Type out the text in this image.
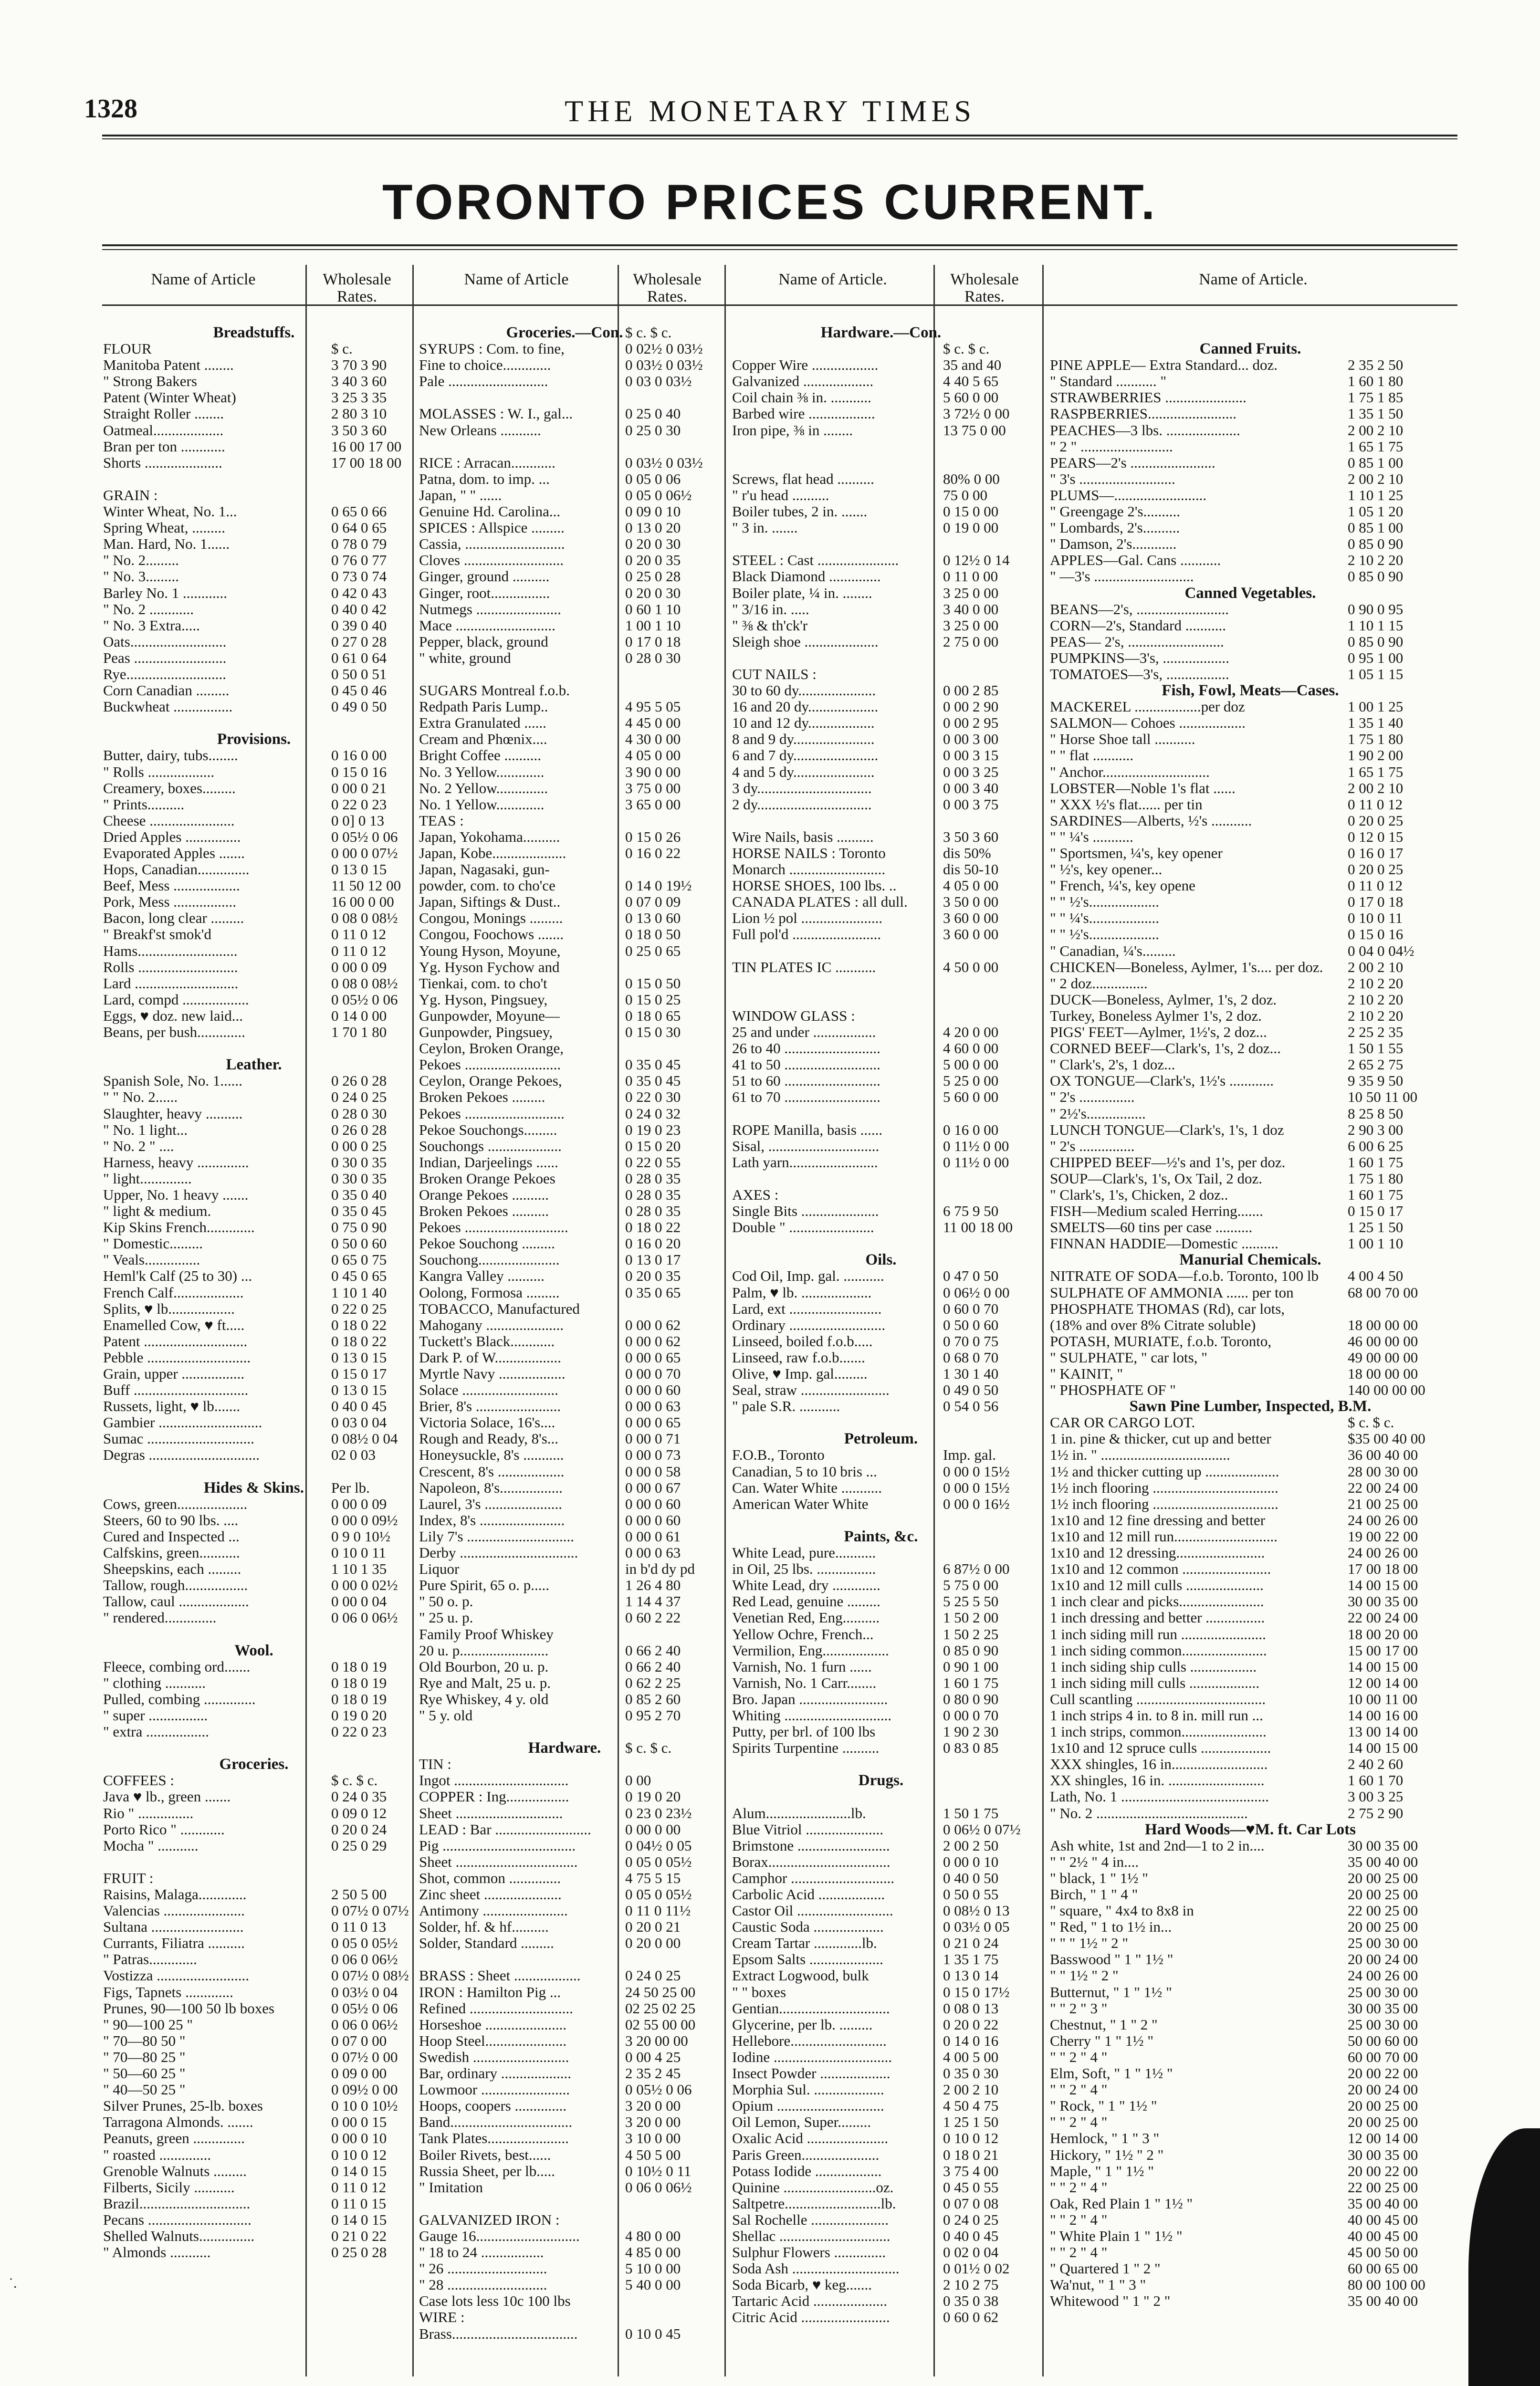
1328	THE MONETARY TIMES
TORONTO PRICES CURRENT.
Name of Article	Wholesale Rates.
Name of Article	Wholesale Rates.
Name of Article.	Wholesale Rates.
Name of Article.
Breadstuffs.
FLOUR	$ c.
Manitoba Patent ........	3 70 3 90
" Strong Bakers	3 40 3 60
Patent (Winter Wheat)	3 25 3 35
Straight Roller ........	2 80 3 10
Oatmeal...................	3 50 3 60
Bran per ton ............	16 00 17 00
Shorts .....................	17 00 18 00
GRAIN :
Winter Wheat, No. 1...	0 65 0 66
Spring Wheat, .........	0 64 0 65
Man. Hard, No. 1......	0 78 0 79
" No. 2.........	0 76 0 77
" No. 3.........	0 73 0 74
Barley No. 1 ............	0 42 0 43
" No. 2 ............	0 40 0 42
" No. 3 Extra.....	0 39 0 40
Oats..........................	0 27 0 28
Peas .........................	0 61 0 64
Rye...........................	0 50 0 51
Corn Canadian .........	0 45 0 46
Buckwheat ................	0 49 0 50
Provisions.
Butter, dairy, tubs........	0 16 0 00
" Rolls ..................	0 15 0 16
Creamery, boxes.........	0 00 0 21
" Prints..........	0 22 0 23
Cheese .......................	0 0] 0 13
Dried Apples ...............	0 05½ 0 06
Evaporated Apples .......	0 00 0 07½
Hops, Canadian..............	0 13 0 15
Beef, Mess ..................	11 50 12 00
Pork, Mess .................	16 00 0 00
Bacon, long clear .........	0 08 0 08½
" Breakf'st smok'd	0 11 0 12
Hams...........................	0 11 0 12
Rolls ...........................	0 00 0 09
Lard ............................	0 08 0 08½
Lard, compd ..................	0 05½ 0 06
Eggs, ♥ doz. new laid...	0 14 0 00
Beans, per bush.............	1 70 1 80
Leather.
Spanish Sole, No. 1......	0 26 0 28
" " No. 2......	0 24 0 25
Slaughter, heavy ..........	0 28 0 30
" No. 1 light...	0 26 0 28
" No. 2 " ....	0 00 0 25
Harness, heavy ..............	0 30 0 35
" light..............	0 30 0 35
Upper, No. 1 heavy .......	0 35 0 40
" light & medium.	0 35 0 45
Kip Skins French.............	0 75 0 90
" Domestic.........	0 50 0 60
" Veals...............	0 65 0 75
Heml'k Calf (25 to 30) ...	0 45 0 65
French Calf...................	1 10 1 40
Splits, ♥ lb..................	0 22 0 25
Enamelled Cow, ♥ ft.....	0 18 0 22
Patent ............................	0 18 0 22
Pebble ............................	0 13 0 15
Grain, upper .................	0 15 0 17
Buff ...............................	0 13 0 15
Russets, light, ♥ lb.......	0 40 0 45
Gambier ............................	0 03 0 04
Sumac .............................	0 08½ 0 04
Degras ..............................	02 0 03
Hides & Skins.	Per lb.
Cows, green...................	0 00 0 09
Steers, 60 to 90 lbs. ....	0 00 0 09½
Cured and Inspected ...	0 9 0 10½
Calfskins, green...........	0 10 0 11
Sheepskins, each .........	1 10 1 35
Tallow, rough.................	0 00 0 02½
Tallow, caul ...................	0 00 0 04
" rendered..............	0 06 0 06½
Wool.
Fleece, combing ord.......	0 18 0 19
" clothing ...........	0 18 0 19
Pulled, combing ..............	0 18 0 19
" super ................	0 19 0 20
" extra .................	0 22 0 23
Groceries.
COFFEES :	$ c. $ c.
Java ♥ lb., green .......	0 24 0 35
Rio " ...............	0 09 0 12
Porto Rico " ............	0 20 0 24
Mocha " ...........	0 25 0 29
FRUIT :
Raisins, Malaga.............	2 50 5 00
Valencias ......................	0 07½ 0 07½
Sultana .........................	0 11 0 13
Currants, Filiatra ..........	0 05 0 05½
" Patras.............	0 06 0 06½
Vostizza .........................	0 07½ 0 08½
Figs, Tapnets .............	0 03½ 0 04
Prunes, 90—100 50 lb boxes	0 05½ 0 06
" 90—100 25 "	0 06 0 06½
" 70—80 50 "	0 07 0 00
" 70—80 25 "	0 07½ 0 00
" 50—60 25 "	0 09 0 00
" 40—50 25 "	0 09½ 0 00
Silver Prunes, 25-lb. boxes	0 10 0 10½
Tarragona Almonds. .......	0 00 0 15
Peanuts, green ..............	0 00 0 10
" roasted ..............	0 10 0 12
Grenoble Walnuts .........	0 14 0 15
Filberts, Sicily ...........	0 11 0 12
Brazil..............................	0 11 0 15
Pecans ............................	0 14 0 15
Shelled Walnuts...............	0 21 0 22
" Almonds ...........	0 25 0 28
Groceries.—Con. $ c. $ c.
SYRUPS : Com. to fine,	0 02½ 0 03½
Fine to choice.............	0 03½ 0 03½
Pale ...........................	0 03 0 03½
MOLASSES : W. I., gal...	0 25 0 40
New Orleans ...........	0 25 0 30
RICE : Arracan............	0 03½ 0 03½
Patna, dom. to imp. ...	0 05 0 06
Japan, " " ......	0 05 0 06½
Genuine Hd. Carolina...	0 09 0 10
SPICES : Allspice .........	0 13 0 20
Cassia, ...........................	0 20 0 30
Cloves ...........................	0 20 0 35
Ginger, ground ..........	0 25 0 28
Ginger, root................	0 20 0 30
Nutmegs .......................	0 60 1 10
Mace ...........................	1 00 1 10
Pepper, black, ground	0 17 0 18
" white, ground	0 28 0 30
SUGARS Montreal f.o.b.
Redpath Paris Lump..	4 95 5 05
Extra Granulated ......	4 45 0 00
Cream and Phœnix....	4 30 0 00
Bright Coffee ..........	4 05 0 00
No. 3 Yellow.............	3 90 0 00
No. 2 Yellow..............	3 75 0 00
No. 1 Yellow.............	3 65 0 00
TEAS :
Japan, Yokohama..........	0 15 0 26
Japan, Kobe....................	0 16 0 22
Japan, Nagasaki, gun-
powder, com. to cho'ce	0 14 0 19½
Japan, Siftings & Dust..	0 07 0 09
Congou, Monings .........	0 13 0 60
Congou, Foochows .......	0 18 0 50
Young Hyson, Moyune,	0 25 0 65
Yg. Hyson Fychow and
Tienkai, com. to cho't	0 15 0 50
Yg. Hyson, Pingsuey,	0 15 0 25
Gunpowder, Moyune—	0 18 0 65
Gunpowder, Pingsuey,	0 15 0 30
Ceylon, Broken Orange,
Pekoes ..........................	0 35 0 45
Ceylon, Orange Pekoes,	0 35 0 45
Broken Pekoes .........	0 22 0 30
Pekoes ...........................	0 24 0 32
Pekoe Souchongs.........	0 19 0 23
Souchongs ....................	0 15 0 20
Indian, Darjeelings ......	0 22 0 55
Broken Orange Pekoes	0 28 0 35
Orange Pekoes ..........	0 28 0 35
Broken Pekoes ..........	0 28 0 35
Pekoes ............................	0 18 0 22
Pekoe Souchong .........	0 16 0 20
Souchong......................	0 13 0 17
Kangra Valley ..........	0 20 0 35
Oolong, Formosa .........	0 35 0 65
TOBACCO, Manufactured
Mahogany .....................	0 00 0 62
Tuckett's Black............	0 00 0 62
Dark P. of W..................	0 00 0 65
Myrtle Navy ..................	0 00 0 70
Solace ..........................	0 00 0 60
Brier, 8's .......................	0 00 0 63
Victoria Solace, 16's....	0 00 0 65
Rough and Ready, 8's...	0 00 0 71
Honeysuckle, 8's ...........	0 00 0 73
Crescent, 8's ..................	0 00 0 58
Napoleon, 8's.................	0 00 0 67
Laurel, 3's .....................	0 00 0 60
Index, 8's .......................	0 00 0 60
Lily 7's .............................	0 00 0 61
Derby ................................	0 00 0 63
Liquor	in b'd dy pd
Pure Spirit, 65 o. p.....	1 26 4 80
" 50 o. p.	1 14 4 37
" 25 u. p.	0 60 2 22
Family Proof Whiskey
20 u. p........................	0 66 2 40
Old Bourbon, 20 u. p.	0 66 2 40
Rye and Malt, 25 u. p.	0 62 2 25
Rye Whiskey, 4 y. old	0 85 2 60
" 5 y. old	0 95 2 70
Hardware.	$ c. $ c.
TIN :
Ingot ...............................	0 00
COPPER : Ing.................	0 19 0 20
Sheet .............................	0 23 0 23½
LEAD : Bar ..........................	0 00 0 00
Pig ....................................	0 04½ 0 05
Sheet .................................	0 05 0 05½
Shot, common ..............	4 75 5 15
Zinc sheet .....................	0 05 0 05½
Antimony .......................	0 11 0 11½
Solder, hf. & hf..........	0 20 0 21
Solder, Standard .........	0 20 0 00
BRASS : Sheet ..................	0 24 0 25
IRON : Hamilton Pig ...	24 50 25 00
Refined ............................	02 25 02 25
Horseshoe ......................	02 55 00 00
Hoop Steel......................	3 20 00 00
Swedish ..........................	0 00 4 25
Bar, ordinary ...................	2 35 2 45
Lowmoor ........................	0 05½ 0 06
Hoops, coopers ..............	3 20 0 00
Band.................................	3 20 0 00
Tank Plates......................	3 10 0 00
Boiler Rivets, best......	4 50 5 00
Russia Sheet, per lb.....	0 10½ 0 11
" Imitation	0 06 0 06½
GALVANIZED IRON :
Gauge 16............................	4 80 0 00
" 18 to 24 .................	4 85 0 00
" 26 ...........................	5 10 0 00
" 28 ...........................	5 40 0 00
Case lots less 10c 100 lbs
WIRE :
Brass..................................	0 10 0 45
Hardware.—Con.
$ c. $ c.
Copper Wire ..................	35 and 40
Galvanized ...................	4 40 5 65
Coil chain ⅜ in. ...........	5 60 0 00
Barbed wire ..................	3 72½ 0 00
Iron pipe, ⅜ in ........	13 75 0 00
Screws, flat head ..........	80% 0 00
" r'u head ..........	75 0 00
Boiler tubes, 2 in. .......	0 15 0 00
" 3 in. .......	0 19 0 00
STEEL : Cast ......................	0 12½ 0 14
Black Diamond ..............	0 11 0 00
Boiler plate, ¼ in. ........	3 25 0 00
" 3/16 in. .....	3 40 0 00
" ⅜ & th'ck'r	3 25 0 00
Sleigh shoe ....................	2 75 0 00
CUT NAILS :
30 to 60 dy.....................	0 00 2 85
16 and 20 dy...................	0 00 2 90
10 and 12 dy..................	0 00 2 95
8 and 9 dy......................	0 00 3 00
6 and 7 dy.......................	0 00 3 15
4 and 5 dy......................	0 00 3 25
3 dy...............................	0 00 3 40
2 dy...............................	0 00 3 75
Wire Nails, basis ..........	3 50 3 60
HORSE NAILS : Toronto	dis 50%
Monarch ..........................	dis 50-10
HORSE SHOES, 100 lbs. ..	4 05 0 00
CANADA PLATES : all dull.	3 50 0 00
Lion ½ pol ......................	3 60 0 00
Full pol'd ........................	3 60 0 00
TIN PLATES IC ...........	4 50 0 00
WINDOW GLASS :
25 and under .................	4 20 0 00
26 to 40 ..........................	4 60 0 00
41 to 50 ..........................	5 00 0 00
51 to 60 ..........................	5 25 0 00
61 to 70 ..........................	5 60 0 00
ROPE Manilla, basis ......	0 16 0 00
Sisal, ..............................	0 11½ 0 00
Lath yarn........................	0 11½ 0 00
AXES :
Single Bits .....................	6 75 9 50
Double " .......................	11 00 18 00
Oils.
Cod Oil, Imp. gal. ...........	0 47 0 50
Palm, ♥ lb. ...................	0 06½ 0 00
Lard, ext .........................	0 60 0 70
Ordinary ..........................	0 50 0 60
Linseed, boiled f.o.b.....	0 70 0 75
Linseed, raw f.o.b.......	0 68 0 70
Olive, ♥ Imp. gal.........	1 30 1 40
Seal, straw ........................	0 49 0 50
" pale S.R. ...........	0 54 0 56
Petroleum.
F.O.B., Toronto	Imp. gal.
Canadian, 5 to 10 bris ...	0 00 0 15½
Can. Water White ...........	0 00 0 15½
American Water White	0 00 0 16½
Paints, &c.
White Lead, pure...........
in Oil, 25 lbs. ................	6 87½ 0 00
White Lead, dry .............	5 75 0 00
Red Lead, genuine .........	5 25 5 50
Venetian Red, Eng..........	1 50 2 00
Yellow Ochre, French...	1 50 2 25
Vermilion, Eng..................	0 85 0 90
Varnish, No. 1 furn ......	0 90 1 00
Varnish, No. 1 Carr........	1 60 1 75
Bro. Japan ........................	0 80 0 90
Whiting .............................	0 00 0 70
Putty, per brl. of 100 lbs	1 90 2 30
Spirits Turpentine ..........	0 83 0 85
Drugs.
Alum.......................lb.	1 50 1 75
Blue Vitriol .....................	0 06½ 0 07½
Brimstone .........................	2 00 2 50
Borax.................................	0 00 0 10
Camphor ............................	0 40 0 50
Carbolic Acid ..................	0 50 0 55
Castor Oil ..........................	0 08½ 0 13
Caustic Soda ...................	0 03½ 0 05
Cream Tartar .............lb.	0 21 0 24
Epsom Salts ....................	1 35 1 75
Extract Logwood, bulk	0 13 0 14
" " boxes	0 15 0 17½
Gentian..............................	0 08 0 13
Glycerine, per lb. .........	0 20 0 22
Hellebore..........................	0 14 0 16
Iodine ................................	4 00 5 00
Insect Powder ...................	0 35 0 30
Morphia Sul. ...................	2 00 2 10
Opium .............................	4 50 4 75
Oil Lemon, Super.........	1 25 1 50
Oxalic Acid ......................	0 10 0 12
Paris Green.....................	0 18 0 21
Potass Iodide ..................	3 75 4 00
Quinine .........................oz.	0 45 0 55
Saltpetre..........................lb.	0 07 0 08
Sal Rochelle .....................	0 24 0 25
Shellac ..............................	0 40 0 45
Sulphur Flowers ..............	0 02 0 04
Soda Ash .............................	0 01½ 0 02
Soda Bicarb, ♥ keg.......	2 10 2 75
Tartaric Acid ....................	0 35 0 38
Citric Acid ........................	0 60 0 62
Canned Fruits.
PINE APPLE— Extra Standard... doz.	2 35 2 50
" Standard ........... "	1 60 1 80
STRAWBERRIES ......................	1 75 1 85
RASPBERRIES........................	1 35 1 50
PEACHES—3 lbs. ....................	2 00 2 10
" 2 " .........................	1 65 1 75
PEARS—2's .......................	0 85 1 00
" 3's ..........................	2 00 2 10
PLUMS—.........................	1 10 1 25
" Greengage 2's..........	1 05 1 20
" Lombards, 2's..........	0 85 1 00
" Damson, 2's............	0 85 0 90
APPLES—Gal. Cans ...........	2 10 2 20
" —3's ...........................	0 85 0 90
Canned Vegetables.
BEANS—2's, .........................	0 90 0 95
CORN—2's, Standard ...........	1 10 1 15
PEAS— 2's, ..........................	0 85 0 90
PUMPKINS—3's, ..................	0 95 1 00
TOMATOES—3's, .................	1 05 1 15
Fish, Fowl, Meats—Cases.
MACKEREL ..................per doz	1 00 1 25
SALMON— Cohoes ..................	1 35 1 40
" Horse Shoe tall ...........	1 75 1 80
" " flat ...........	1 90 2 00
" Anchor.............................	1 65 1 75
LOBSTER—Noble 1's flat ......	2 00 2 10
" XXX ½'s flat...... per tin	0 11 0 12
SARDINES—Alberts, ½'s ...........	0 20 0 25
" " ¼'s ...........	0 12 0 15
" Sportsmen, ¼'s, key opener	0 16 0 17
" ½'s, key opener...	0 20 0 25
" French, ¼'s, key opene	0 11 0 12
" " ½'s...................	0 17 0 18
" " ¼'s...................	0 10 0 11
" " ½'s...................	0 15 0 16
" Canadian, ¼'s.........	0 04 0 04½
CHICKEN—Boneless, Aylmer, 1's.... per doz.	2 00 2 10
" 2 doz...............	2 10 2 20
DUCK—Boneless, Aylmer, 1's, 2 doz.	2 10 2 20
Turkey, Boneless Aylmer 1's, 2 doz.	2 10 2 20
PIGS' FEET—Aylmer, 1½'s, 2 doz...	2 25 2 35
CORNED BEEF—Clark's, 1's, 2 doz...	1 50 1 55
" Clark's, 2's, 1 doz...	2 65 2 75
OX TONGUE—Clark's, 1½'s ............	9 35 9 50
" 2's ...............	10 50 11 00
" 2½'s................	8 25 8 50
LUNCH TONGUE—Clark's, 1's, 1 doz	2 90 3 00
" 2's ...............	6 00 6 25
CHIPPED BEEF—½'s and 1's, per doz.	1 60 1 75
SOUP—Clark's, 1's, Ox Tail, 2 doz.	1 75 1 80
" Clark's, 1's, Chicken, 2 doz..	1 60 1 75
FISH—Medium scaled Herring.......	0 15 0 17
SMELTS—60 tins per case ..........	1 25 1 50
FINNAN HADDIE—Domestic ..........	1 00 1 10
Manurial Chemicals.
NITRATE OF SODA—f.o.b. Toronto, 100 lb	4 00 4 50
SULPHATE OF AMMONIA ...... per ton	68 00 70 00
PHOSPHATE THOMAS (Rd), car lots,
(18% and over 8% Citrate soluble)	18 00 00 00
POTASH, MURIATE, f.o.b. Toronto,	46 00 00 00
" SULPHATE, " car lots, "	49 00 00 00
" KAINIT, "	18 00 00 00
" PHOSPHATE OF "	140 00 00 00
Sawn Pine Lumber, Inspected, B.M.
CAR OR CARGO LOT.	$ c. $ c.
1 in. pine & thicker, cut up and better	$35 00 40 00
1½ in. " ...................................	36 00 40 00
1½ and thicker cutting up ....................	28 00 30 00
1½ inch flooring ..................................	22 00 24 00
1½ inch flooring ..................................	21 00 25 00
1x10 and 12 fine dressing and better	24 00 26 00
1x10 and 12 mill run............................	19 00 22 00
1x10 and 12 dressing........................	24 00 26 00
1x10 and 12 common ........................	17 00 18 00
1x10 and 12 mill culls .....................	14 00 15 00
1 inch clear and picks.......................	30 00 35 00
1 inch dressing and better ................	22 00 24 00
1 inch siding mill run .......................	18 00 20 00
1 inch siding common.......................	15 00 17 00
1 inch siding ship culls ..................	14 00 15 00
1 inch siding mill culls ...................	12 00 14 00
Cull scantling ...................................	10 00 11 00
1 inch strips 4 in. to 8 in. mill run ...	14 00 16 00
1 inch strips, common.......................	13 00 14 00
1x10 and 12 spruce culls ...................	14 00 15 00
XXX shingles, 16 in..........................	2 40 2 60
XX shingles, 16 in. ..........................	1 60 1 70
Lath, No. 1 ........................................	3 00 3 25
" No. 2 .........................................	2 75 2 90
Hard Woods—♥M. ft. Car Lots
Ash white, 1st and 2nd—1 to 2 in....	30 00 35 00
" " 2½ " 4 in....	35 00 40 00
" black, 1 " 1½ "	20 00 25 00
Birch, " 1 " 4 "	20 00 25 00
" square, " 4x4 to 8x8 in	22 00 25 00
" Red, " 1 to 1½ in...	20 00 25 00
" " " 1½ " 2 "	25 00 30 00
Basswood " 1 " 1½ "	20 00 24 00
" " 1½ " 2 "	24 00 26 00
Butternut, " 1 " 1½ "	25 00 30 00
" " 2 " 3 "	30 00 35 00
Chestnut, " 1 " 2 "	25 00 30 00
Cherry " 1 " 1½ "	50 00 60 00
" " 2 " 4 "	60 00 70 00
Elm, Soft, " 1 " 1½ "	20 00 22 00
" " 2 " 4 "	20 00 24 00
" Rock, " 1 " 1½ "	20 00 25 00
" " 2 " 4 "	20 00 25 00
Hemlock, " 1 " 3 "	12 00 14 00
Hickory, " 1½ " 2 "	30 00 35 00
Maple, " 1 " 1½ "	20 00 22 00
" " 2 " 4 "	22 00 25 00
Oak, Red Plain 1 " 1½ "	35 00 40 00
" " 2 " 4 "	40 00 45 00
" White Plain 1 " 1½ "	40 00 45 00
" " 2 " 4 "	45 00 50 00
" Quartered 1 " 2 "	60 00 65 00
Wa'nut, " 1 " 3 "	80 00 100 00
Whitewood " 1 " 2 "	35 00 40 00
˙.
